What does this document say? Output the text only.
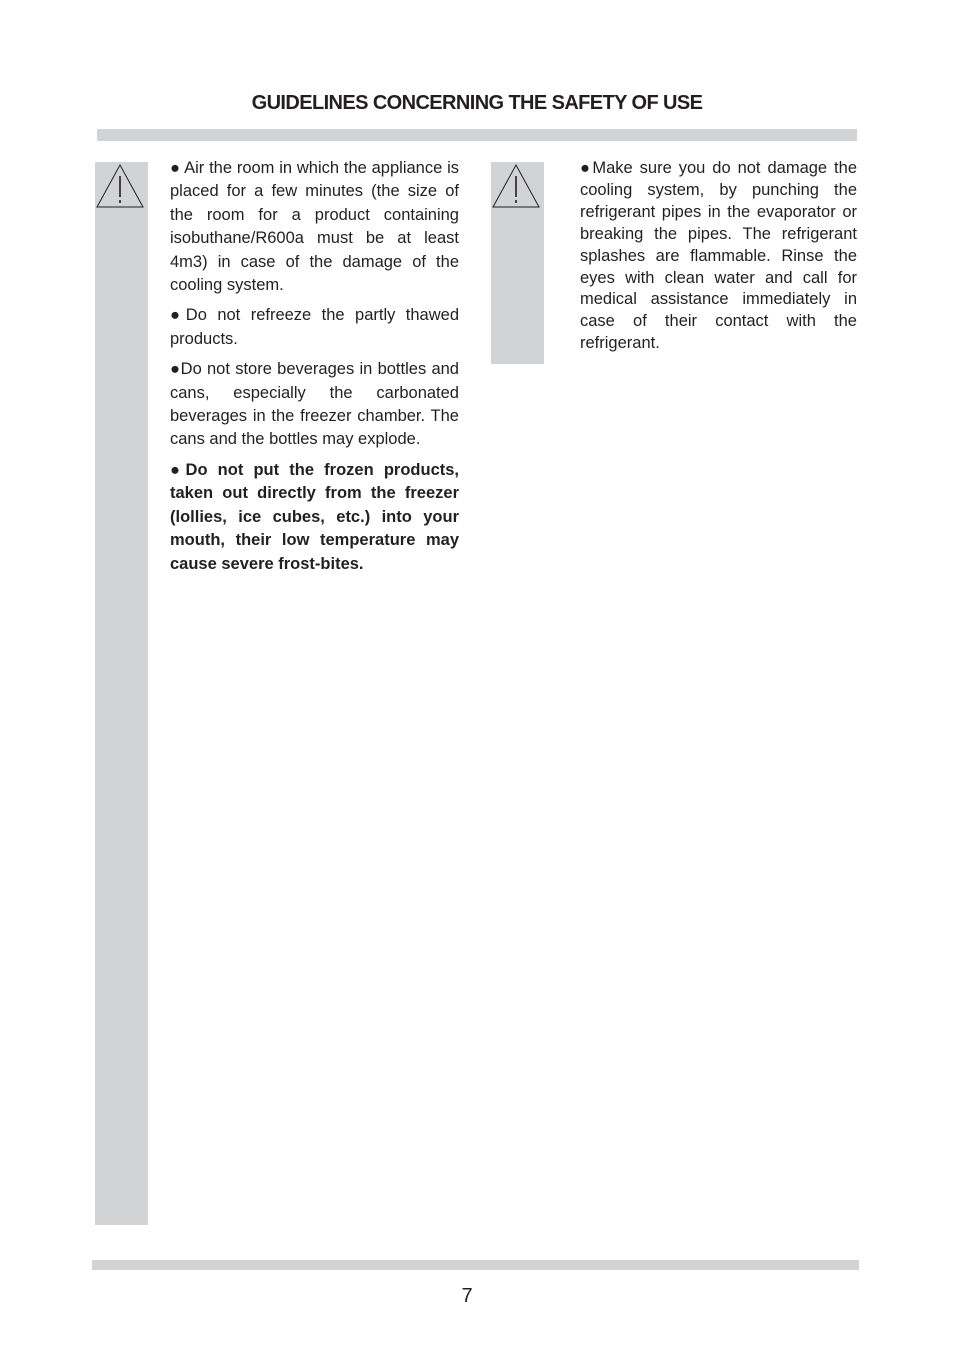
GUIDELINES CONCERNING THE SAFETY OF USE

● Air the room in which the appliance is placed for a few minutes (the size of the room for a product containing isobuthane/R600a must be at least 4m3) in case of the damage of the cooling system.

●Do not refreeze the partly thawed products.

●Do not store beverages in bottles and cans, especially the carbonated beverages in the freezer chamber. The cans and the bottles may explode.

●Do not put the frozen products, taken out directly from the freezer (lollies, ice cubes, etc.) into your mouth, their low temperature may cause severe frost-bites.

●Make sure you do not damage the cooling system, by punching the refrigerant pipes in the evaporator or breaking the pipes. The refrigerant splashes are flammable. Rinse the eyes with clean water and call for medical assistance immediately in case of their contact with the refrigerant.

7
